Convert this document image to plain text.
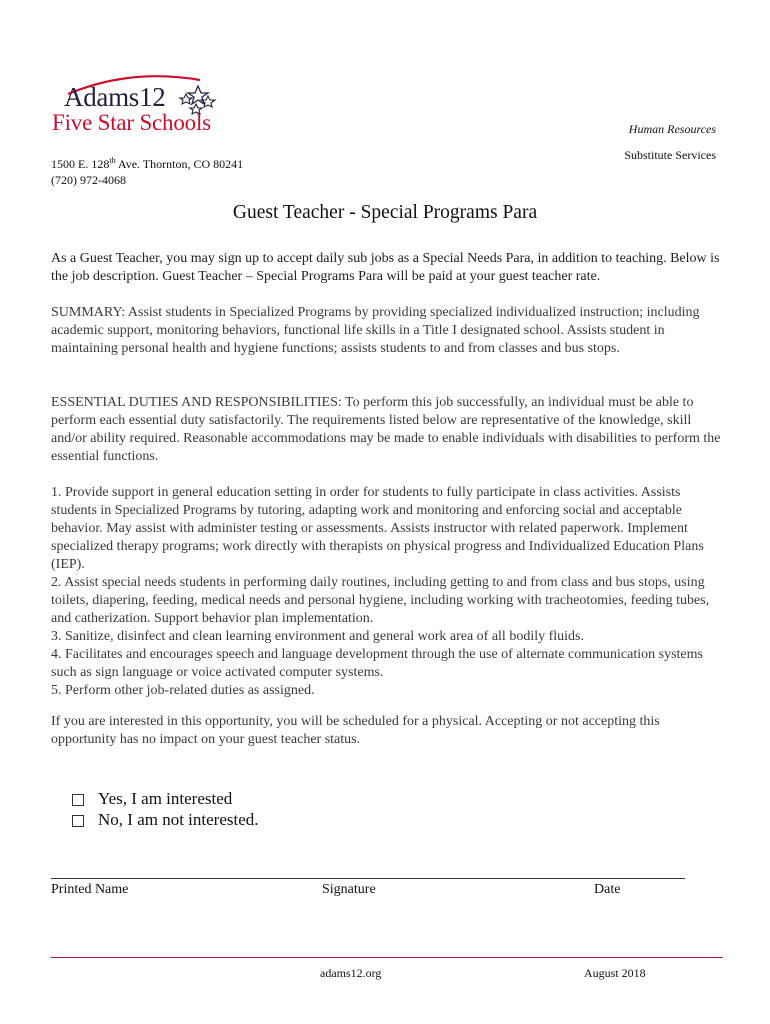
Adams12
Five Star Schools	Human Resources
Substitute Services
1500 E. 128th Ave. Thornton, CO 80241
(720) 972-4068
Guest Teacher - Special Programs Para
As a Guest Teacher, you may sign up to accept daily sub jobs as a Special Needs Para, in addition to teaching. Below is the job description. Guest Teacher – Special Programs Para will be paid at your guest teacher rate.
SUMMARY: Assist students in Specialized Programs by providing specialized individualized instruction; including academic support, monitoring behaviors, functional life skills in a Title I designated school. Assists student in maintaining personal health and hygiene functions; assists students to and from classes and bus stops.
ESSENTIAL DUTIES AND RESPONSIBILITIES: To perform this job successfully, an individual must be able to perform each essential duty satisfactorily. The requirements listed below are representative of the knowledge, skill and/or ability required. Reasonable accommodations may be made to enable individuals with disabilities to perform the essential functions.
1. Provide support in general education setting in order for students to fully participate in class activities. Assists students in Specialized Programs by tutoring, adapting work and monitoring and enforcing social and acceptable behavior. May assist with administer testing or assessments. Assists instructor with related paperwork. Implement specialized therapy programs; work directly with therapists on physical progress and Individualized Education Plans (IEP).
2. Assist special needs students in performing daily routines, including getting to and from class and bus stops, using toilets, diapering, feeding, medical needs and personal hygiene, including working with tracheotomies, feeding tubes, and catherization. Support behavior plan implementation.
3. Sanitize, disinfect and clean learning environment and general work area of all bodily fluids.
4. Facilitates and encourages speech and language development through the use of alternate communication systems such as sign language or voice activated computer systems.
5. Perform other job-related duties as assigned.
If you are interested in this opportunity, you will be scheduled for a physical. Accepting or not accepting this opportunity has no impact on your guest teacher status.
Yes, I am interested
No, I am not interested.
Printed Name	Signature	Date
adams12.org	August 2018
